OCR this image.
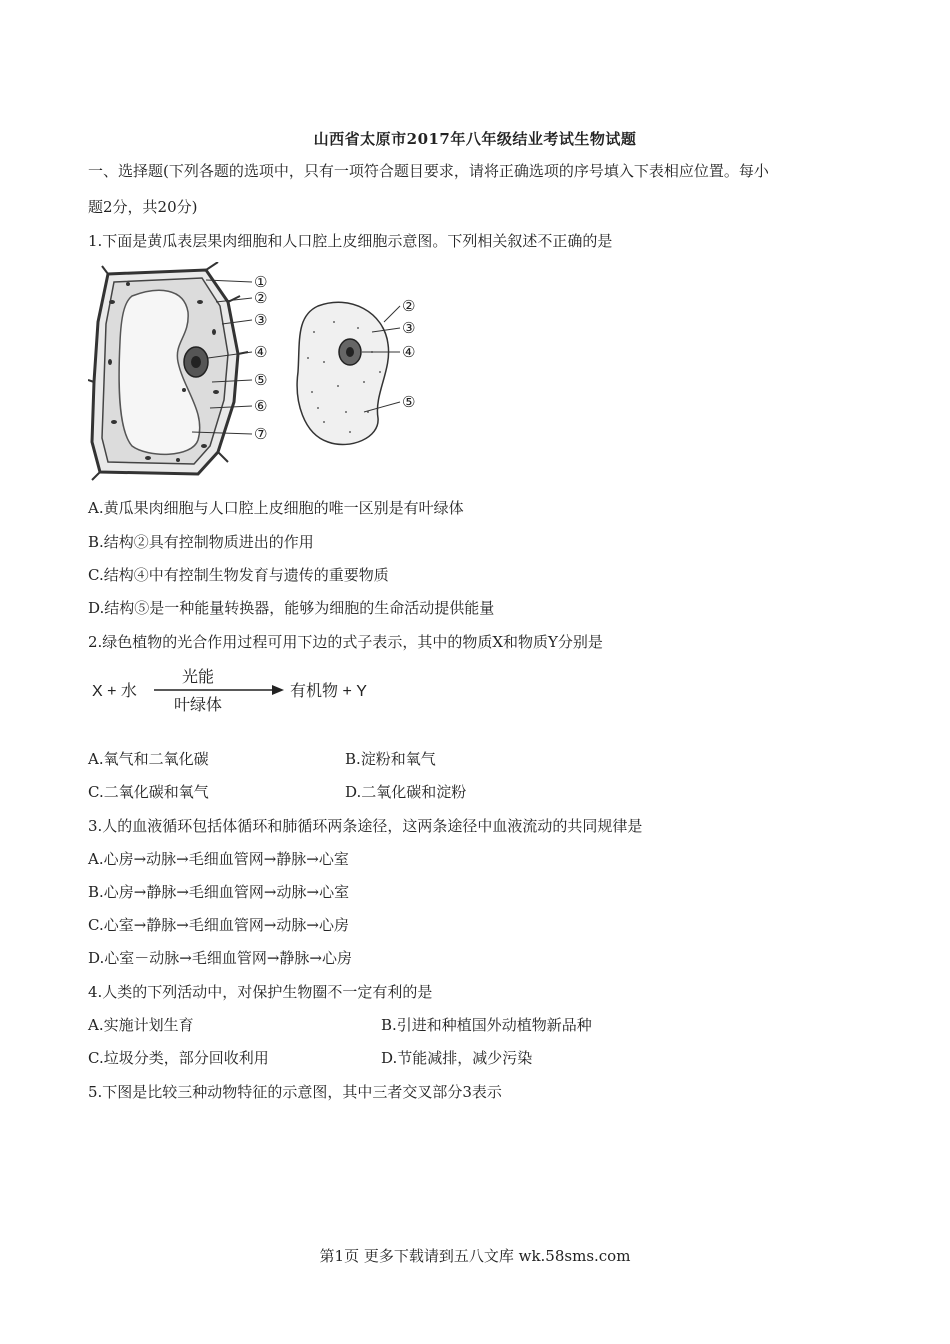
山西省太原市2017年八年级结业考试生物试题
一、选择题(下列各题的选项中，只有一项符合题目要求，请将正确选项的序号填入下表相应位置。每小
题2分，共20分)
1.下面是黄瓜表层果肉细胞和人口腔上皮细胞示意图。下列相关叙述不正确的是
①
②
③
④
⑤
⑥
⑦
②
③
④
⑤
A.黄瓜果肉细胞与人口腔上皮细胞的唯一区别是有叶绿体
B.结构②具有控制物质进出的作用
C.结构④中有控制生物发育与遗传的重要物质
D.结构⑤是一种能量转换器，能够为细胞的生命活动提供能量
2.绿色植物的光合作用过程可用下边的式子表示，其中的物质X和物质Y分别是
X + 水
光能
叶绿体
有机物 + Y
A.氧气和二氧化碳	B.淀粉和氧气
C.二氧化碳和氧气	D.二氧化碳和淀粉
3.人的血液循环包括体循环和肺循环两条途径，这两条途径中血液流动的共同规律是
A.心房→动脉→毛细血管网→静脉→心室
B.心房→静脉→毛细血管网→动脉→心室
C.心室→静脉→毛细血管网→动脉→心房
D.心室－动脉→毛细血管网→静脉→心房
4.人类的下列活动中，对保护生物圈不一定有利的是
A.实施计划生育	B.引进和种植国外动植物新品种
C.垃圾分类，部分回收利用	D.节能减排，减少污染
5.下图是比较三种动物特征的示意图，其中三者交叉部分3表示
第1页 更多下载请到五八文库 wk.58sms.com
